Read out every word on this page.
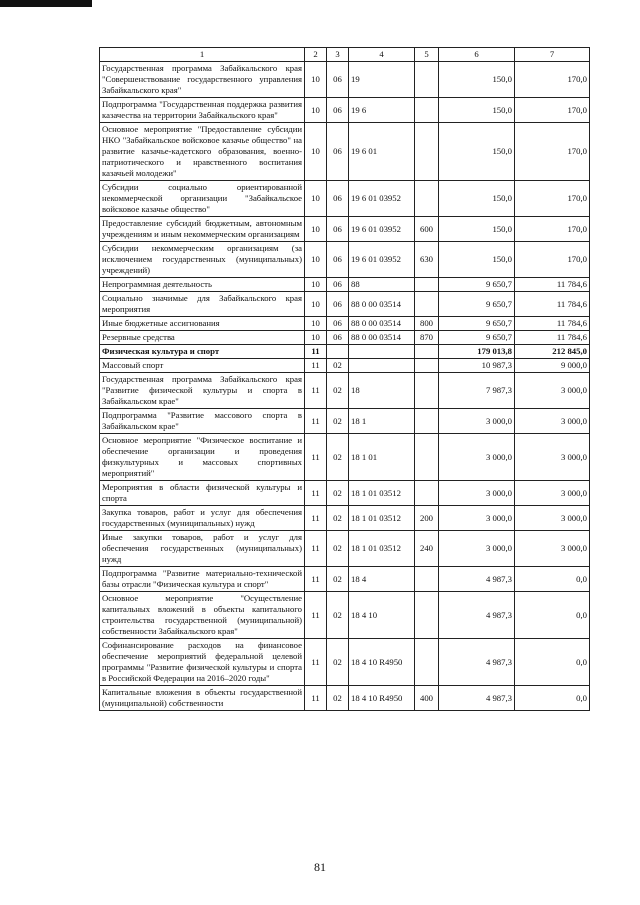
1	2	3	4	5	6	7
Государственная программа Забайкальского края "Совершенствование государственного управления Забайкальского края"	10	06	19		150,0	170,0
Подпрограмма "Государственная поддержка развития казачества на территории Забайкальского края"	10	06	19 6		150,0	170,0
Основное мероприятие "Предоставление субсидии НКО "Забайкальское войсковое казачье общество" на развитие казачье-кадетского образования, военно-патриотического и нравственного воспитания казачьей молодежи"	10	06	19 6 01		150,0	170,0
Субсидии социально ориентированной некоммерческой организации "Забайкальское войсковое казачье общество"	10	06	19 6 01 03952		150,0	170,0
Предоставление субсидий бюджетным, автономным учреждениям и иным некоммерческим организациям	10	06	19 6 01 03952	600	150,0	170,0
Субсидии некоммерческим организациям (за исключением государственных (муниципальных) учреждений)	10	06	19 6 01 03952	630	150,0	170,0
Непрограммная деятельность	10	06	88		9 650,7	11 784,6
Социально значимые для Забайкальского края мероприятия	10	06	88 0 00 03514		9 650,7	11 784,6
Иные бюджетные ассигнования	10	06	88 0 00 03514	800	9 650,7	11 784,6
Резервные средства	10	06	88 0 00 03514	870	9 650,7	11 784,6
Физическая культура и спорт	11				179 013,8	212 845,0
Массовый спорт	11	02			10 987,3	9 000,0
Государственная программа Забайкальского края "Развитие физической культуры и спорта в Забайкальском крае"	11	02	18		7 987,3	3 000,0
Подпрограмма "Развитие массового спорта в Забайкальском крае"	11	02	18 1		3 000,0	3 000,0
Основное мероприятие "Физическое воспитание и обеспечение организации и проведения физкультурных и массовых спортивных мероприятий"	11	02	18 1 01		3 000,0	3 000,0
Мероприятия в области физической культуры и спорта	11	02	18 1 01 03512		3 000,0	3 000,0
Закупка товаров, работ и услуг для обеспечения государственных (муниципальных) нужд	11	02	18 1 01 03512	200	3 000,0	3 000,0
Иные закупки товаров, работ и услуг для обеспечения государственных (муниципальных) нужд	11	02	18 1 01 03512	240	3 000,0	3 000,0
Подпрограмма "Развитие материально-технической базы отрасли "Физическая культура и спорт"	11	02	18 4		4 987,3	0,0
Основное мероприятие "Осуществление капитальных вложений в объекты капитального строительства государственной (муниципальной) собственности Забайкальского края"	11	02	18 4 10		4 987,3	0,0
Софинансирование расходов на финансовое обеспечение мероприятий федеральной целевой программы "Развитие физической культуры и спорта в Российской Федерации на 2016–2020 годы"	11	02	18 4 10 R4950		4 987,3	0,0
Капитальные вложения в объекты государственной (муниципальной) собственности	11	02	18 4 10 R4950	400	4 987,3	0,0
81
